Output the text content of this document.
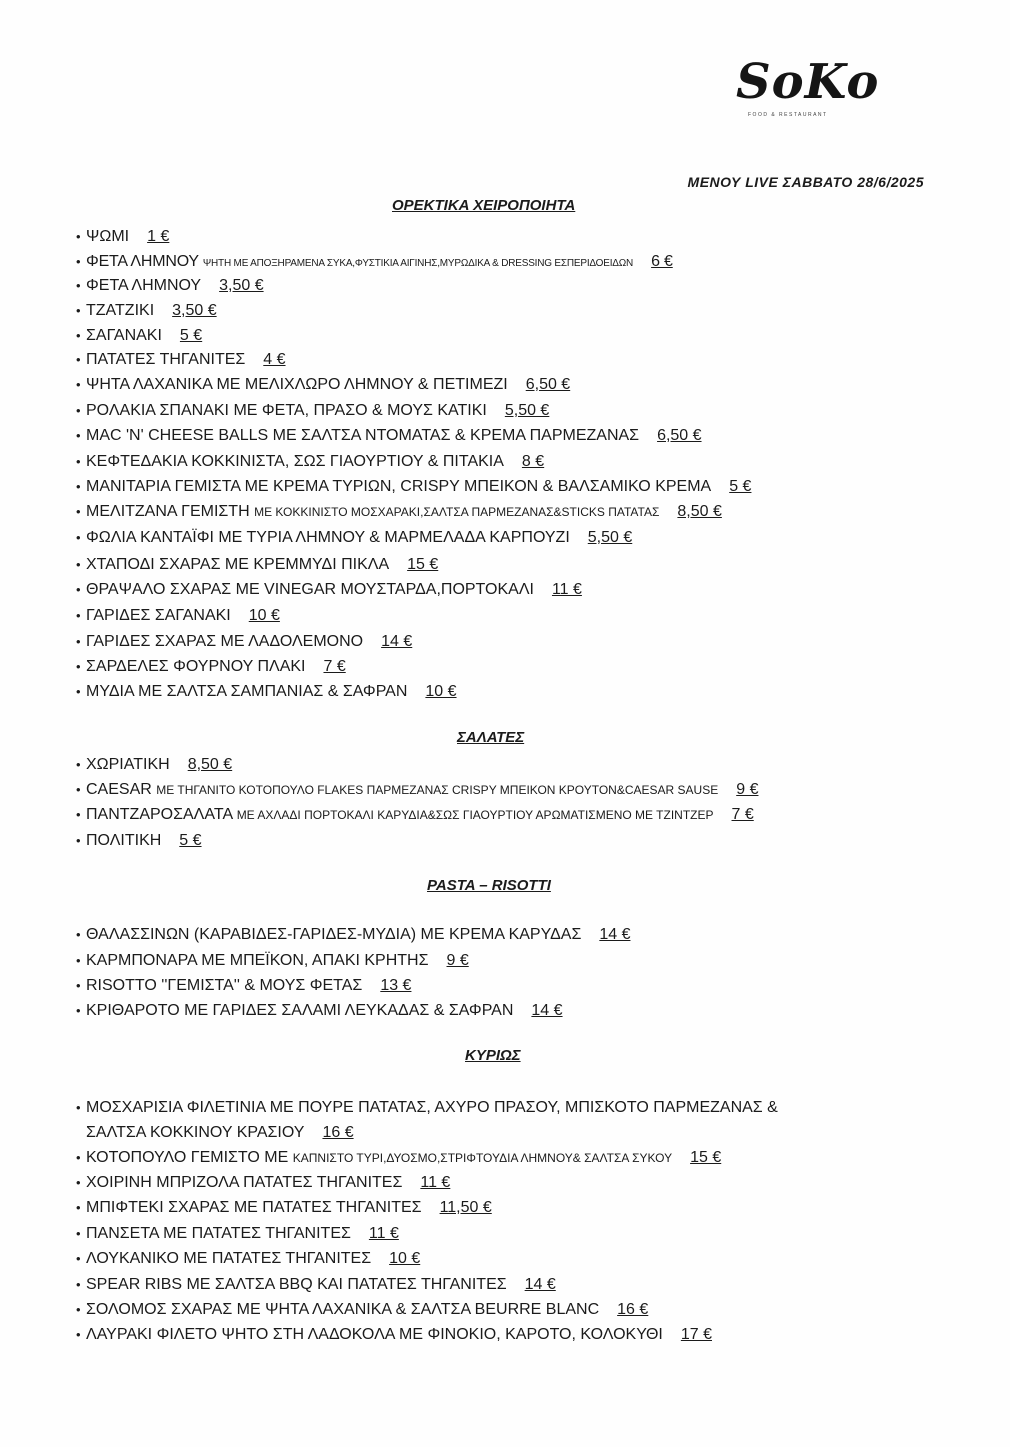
SoKo
FOOD & RESTAURANT
ΜΕΝΟΥ LIVE ΣΑΒΒΑΤΟ 28/6/2025
ΟΡΕΚΤΙΚΑ ΧΕΙΡΟΠΟΙΗΤΑ
• ΨΩΜΙ 1 €
• ΦΕΤΑ ΛΗΜΝΟΥ ΨΗΤΗ ΜΕ ΑΠΟΞΗΡΑΜΕΝΑ ΣΥΚΑ,ΦΥΣΤΙΚΙΑ ΑΙΓΙΝΗΣ,ΜΥΡΩΔΙΚΑ & DRESSING ΕΣΠΕΡΙΔΟΕΙΔΩΝ 6 €
• ΦΕΤΑ ΛΗΜΝΟΥ 3,50 €
• ΤΖΑΤΖΙΚΙ 3,50 €
• ΣΑΓΑΝΑΚΙ 5 €
• ΠΑΤΑΤΕΣ ΤΗΓΑΝΙΤΕΣ 4 €
• ΨΗΤΑ ΛΑΧΑΝΙΚΑ ΜΕ ΜΕΛΙΧΛΩΡΟ ΛΗΜΝΟΥ & ΠΕΤΙΜΕΖΙ 6,50 €
• ΡΟΛΑΚΙΑ ΣΠΑΝΑΚΙ ΜΕ ΦΕΤΑ, ΠΡΑΣΟ & ΜΟΥΣ ΚΑΤΙΚΙ 5,50 €
• MAC 'N' CHEESE BALLS ΜΕ ΣΑΛΤΣΑ ΝΤΟΜΑΤΑΣ & ΚΡΕΜΑ ΠΑΡΜΕΖΑΝΑΣ 6,50 €
• ΚΕΦΤΕΔΑΚΙΑ ΚΟΚΚΙΝΙΣΤΑ, ΣΩΣ ΓΙΑΟΥΡΤΙΟΥ & ΠΙΤΑΚΙΑ 8 €
• ΜΑΝΙΤΑΡΙΑ ΓΕΜΙΣΤΑ ΜΕ ΚΡΕΜΑ ΤΥΡΙΩΝ, CRISPY ΜΠΕΙΚΟΝ & ΒΑΛΣΑΜΙΚΟ ΚΡΕΜΑ 5 €
• ΜΕΛΙΤΖΑΝΑ ΓΕΜΙΣΤΗ ΜΕ ΚΟΚΚΙΝΙΣΤΟ ΜΟΣΧΑΡΑΚΙ,ΣΑΛΤΣΑ ΠΑΡΜΕΖΑΝΑΣ&STICKS ΠΑΤΑΤΑΣ 8,50 €
• ΦΩΛΙΑ ΚΑΝΤΑΪΦΙ ΜΕ ΤΥΡΙΑ ΛΗΜΝΟΥ & ΜΑΡΜΕΛΑΔΑ ΚΑΡΠΟΥΖΙ 5,50 €
• ΧΤΑΠΟΔΙ ΣΧΑΡΑΣ ΜΕ ΚΡΕΜΜΥΔΙ ΠΙΚΛΑ 15 €
• ΘΡΑΨΑΛΟ ΣΧΑΡΑΣ ΜΕ VINEGAR ΜΟΥΣΤΑΡΔΑ,ΠΟΡΤΟΚΑΛΙ 11 €
• ΓΑΡΙΔΕΣ ΣΑΓΑΝΑΚΙ 10 €
• ΓΑΡΙΔΕΣ ΣΧΑΡΑΣ ΜΕ ΛΑΔΟΛΕΜΟΝΟ 14 €
• ΣΑΡΔΕΛΕΣ ΦΟΥΡΝΟΥ ΠΛΑΚΙ 7 €
• ΜΥΔΙΑ ΜΕ ΣΑΛΤΣΑ ΣΑΜΠΑΝΙΑΣ & ΣΑΦΡΑΝ 10 €
ΣΑΛΑΤΕΣ
• ΧΩΡΙΑΤΙΚΗ 8,50 €
• CAESAR ΜΕ ΤΗΓΑΝΙΤΟ ΚΟΤΟΠΟΥΛΟ FLAKES ΠΑΡΜΕΖΑΝΑΣ CRISPY ΜΠΕΙΚΟΝ ΚΡΟΥΤΟΝ&CAESAR SAUSE 9 €
• ΠΑΝΤΖΑΡΟΣΑΛΑΤΑ ΜΕ ΑΧΛΑΔΙ ΠΟΡΤΟΚΑΛΙ ΚΑΡΥΔΙΑ&ΣΩΣ ΓΙΑΟΥΡΤΙΟΥ ΑΡΩΜΑΤΙΣΜΕΝΟ ΜΕ ΤΖΙΝΤΖΕΡ 7 €
• ΠΟΛΙΤΙΚΗ 5 €
PASTA – RISOTTI
• ΘΑΛΑΣΣΙΝΩΝ (ΚΑΡΑΒΙΔΕΣ-ΓΑΡΙΔΕΣ-ΜΥΔΙΑ) ΜΕ ΚΡΕΜΑ ΚΑΡΥΔΑΣ 14 €
• ΚΑΡΜΠΟΝΑΡΑ ΜΕ ΜΠΕΪΚΟΝ, ΑΠΑΚΙ ΚΡΗΤΗΣ 9 €
• RISOTTO ''ΓΕΜΙΣΤΑ'' & ΜΟΥΣ ΦΕΤΑΣ 13 €
• ΚΡΙΘΑΡΟΤΟ ΜΕ ΓΑΡΙΔΕΣ ΣΑΛΑΜΙ ΛΕΥΚΑΔΑΣ & ΣΑΦΡΑΝ 14 €
ΚΥΡΙΩΣ
• ΜΟΣΧΑΡΙΣΙΑ ΦΙΛΕΤΙΝΙΑ ΜΕ ΠΟΥΡΕ ΠΑΤΑΤΑΣ, ΑΧΥΡΟ ΠΡΑΣΟΥ, ΜΠΙΣΚΟΤΟ ΠΑΡΜΕΖΑΝΑΣ &
ΣΑΛΤΣΑ ΚΟΚΚΙΝΟΥ ΚΡΑΣΙΟΥ 16 €
• ΚΟΤΟΠΟΥΛΟ ΓΕΜΙΣΤΟ ΜΕ ΚΑΠΝΙΣΤΟ ΤΥΡΙ,ΔΥΟΣΜΟ,ΣΤΡΙΦΤΟΥΔΙΑ ΛΗΜΝΟΥ& ΣΑΛΤΣΑ ΣΥΚΟΥ 15 €
• ΧΟΙΡΙΝΗ ΜΠΡΙΖΟΛΑ ΠΑΤΑΤΕΣ ΤΗΓΑΝΙΤΕΣ 11 €
• ΜΠΙΦΤΕΚΙ ΣΧΑΡΑΣ ΜΕ ΠΑΤΑΤΕΣ ΤΗΓΑΝΙΤΕΣ 11,50 €
• ΠΑΝΣΕΤΑ ΜΕ ΠΑΤΑΤΕΣ ΤΗΓΑΝΙΤΕΣ 11 €
• ΛΟΥΚΑΝΙΚΟ ΜΕ ΠΑΤΑΤΕΣ ΤΗΓΑΝΙΤΕΣ 10 €
• SPEAR RIBS ΜΕ ΣΑΛΤΣΑ BBQ ΚΑΙ ΠΑΤΑΤΕΣ ΤΗΓΑΝΙΤΕΣ 14 €
• ΣΟΛΟΜΟΣ ΣΧΑΡΑΣ ΜΕ ΨΗΤΑ ΛΑΧΑΝΙΚΑ & ΣΑΛΤΣΑ BEURRE BLANC 16 €
• ΛΑΥΡΑΚΙ ΦΙΛΕΤΟ ΨΗΤΟ ΣΤΗ ΛΑΔΟΚΟΛΑ ΜΕ ΦΙΝΟΚΙΟ, ΚΑΡΟΤΟ, ΚΟΛΟΚΥΘΙ 17 €
